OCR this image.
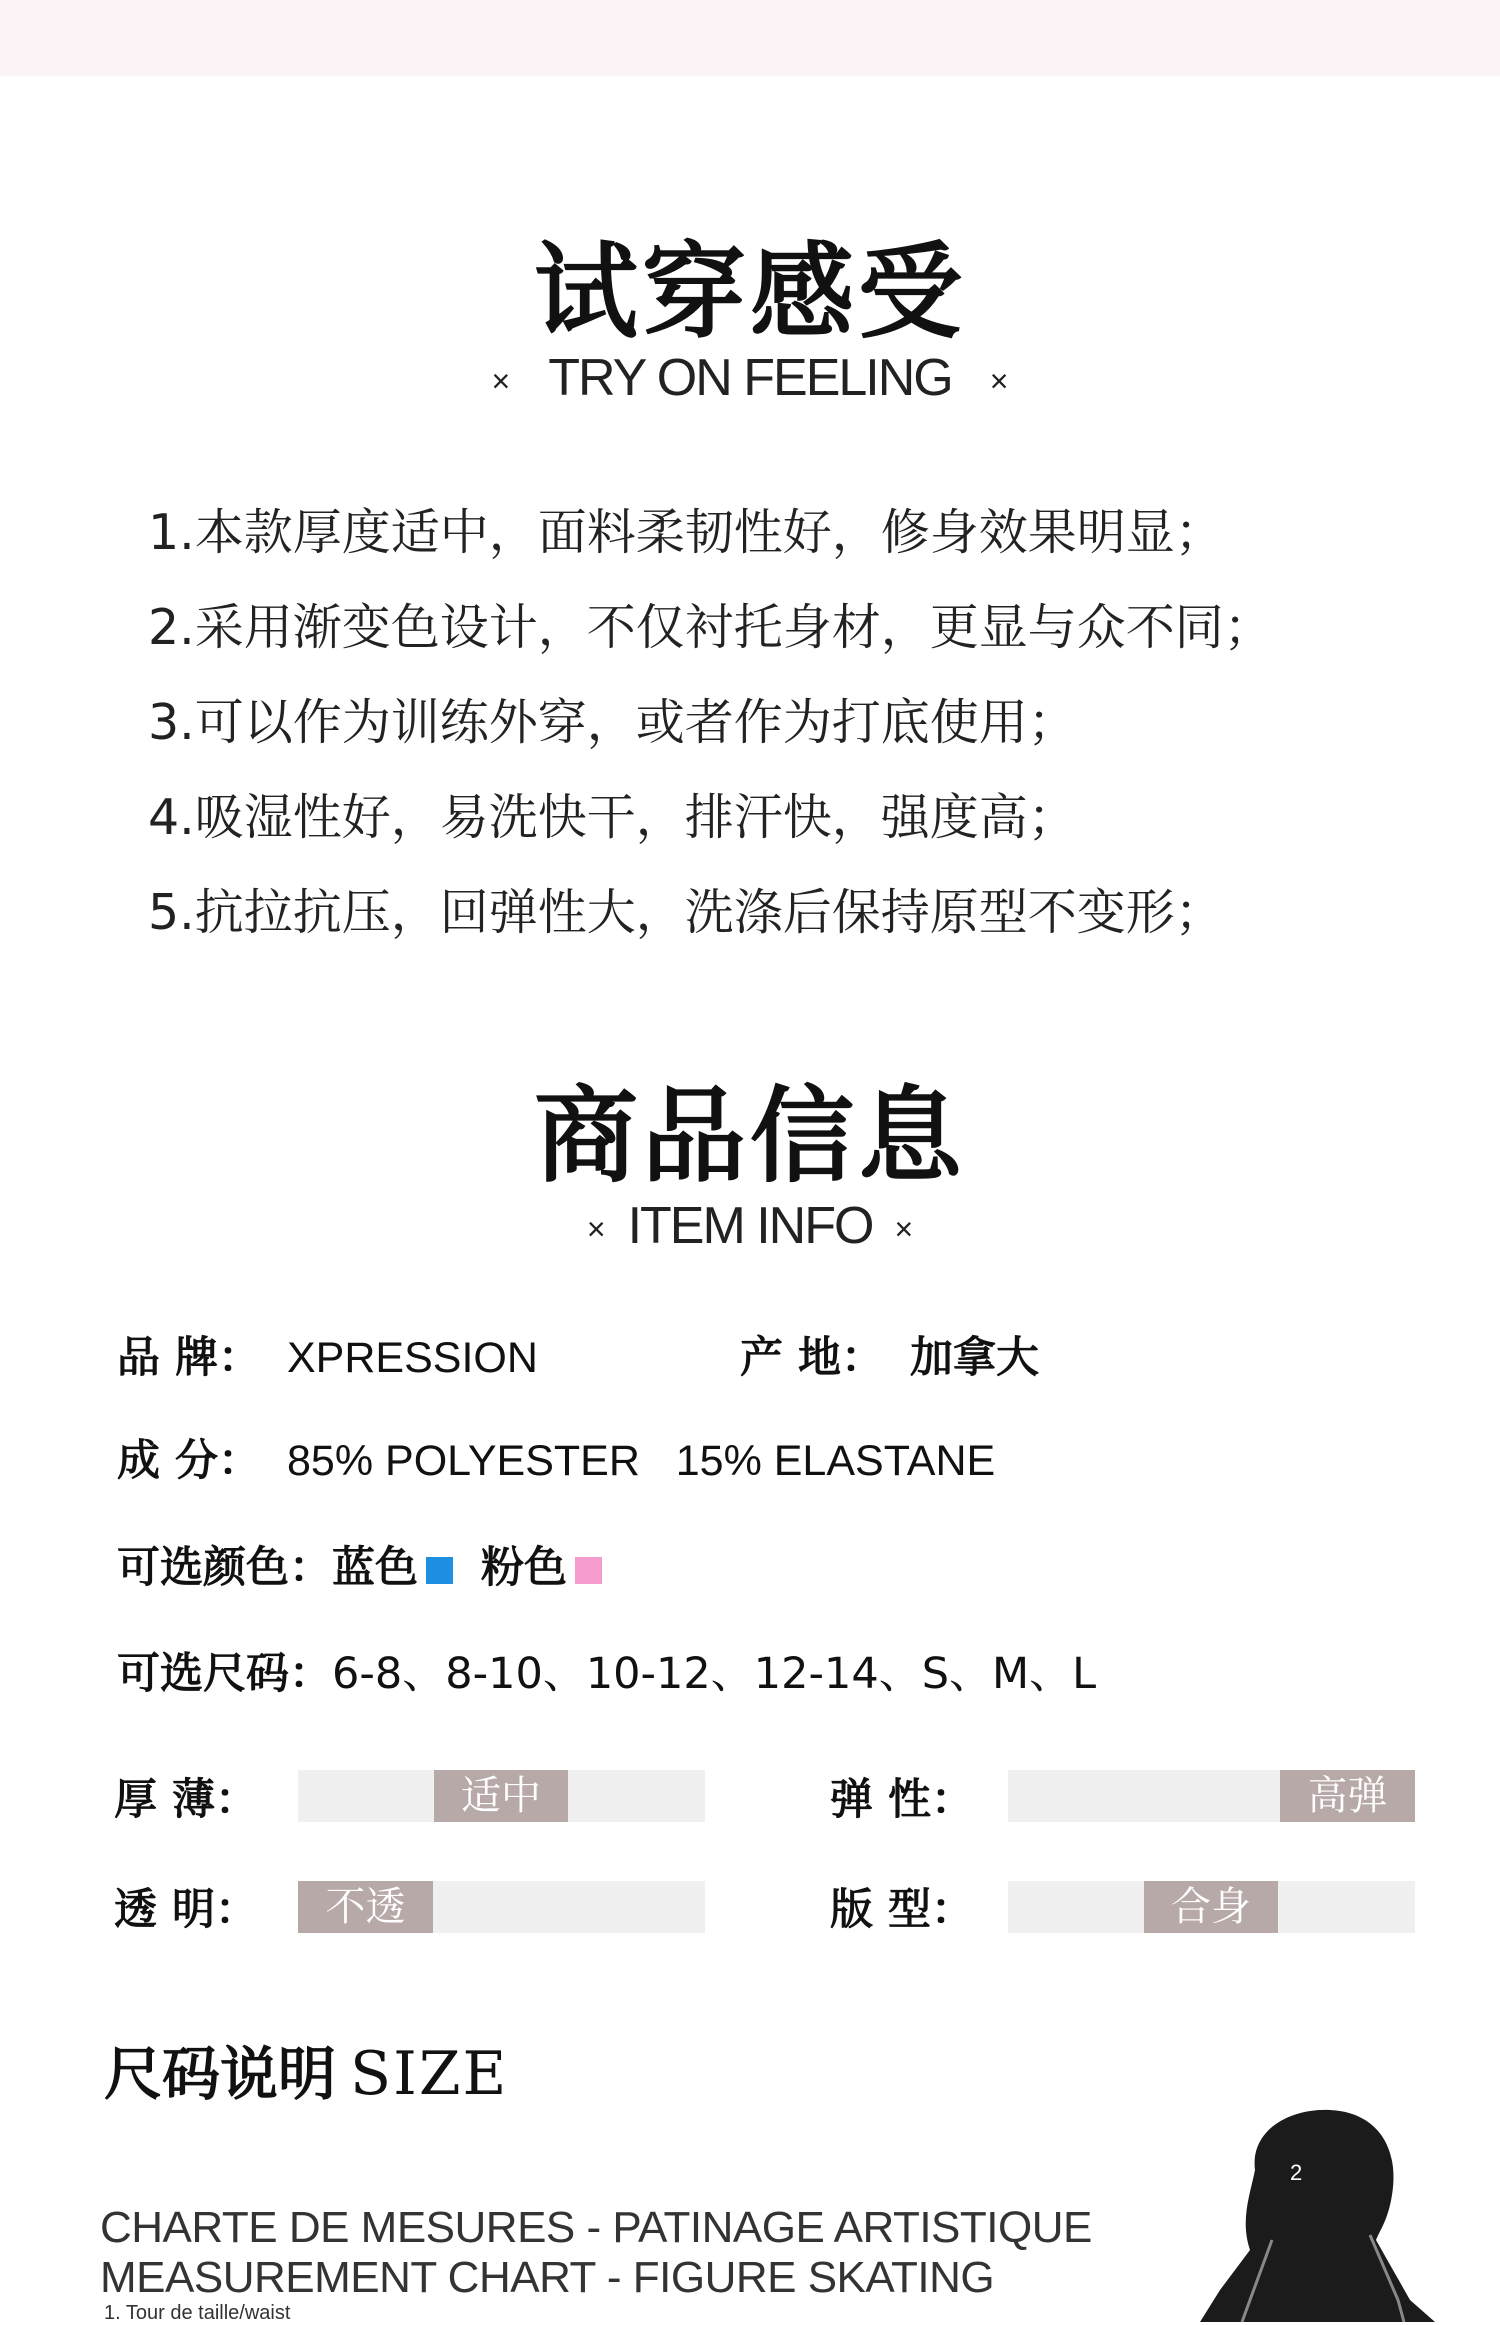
试穿感受
× TRY ON FEELING ×
1.本款厚度适中，面料柔韧性好，修身效果明显；
2.采用渐变色设计，不仅衬托身材，更显与众不同；
3.可以作为训练外穿，或者作为打底使用；
4.吸湿性好，易洗快干，排汗快，强度高；
5.抗拉抗压，回弹性大，洗涤后保持原型不变形；
商品信息
× ITEM INFO ×
品 牌： XPRESSION	产 地： 加拿大
成 分： 85% POLYESTER   15% ELASTANE
可选颜色：蓝色 粉色
可选尺码：6-8、8-10、10-12、12-14、S、M、L
厚 薄：	适中	弹 性：	高弹
透 明：	不透	版 型：	合身
尺码说明 SIZE
CHARTE DE MESURES - PATINAGE ARTISTIQUE
MEASUREMENT CHART - FIGURE SKATING
1. Tour de taille/waist
2
